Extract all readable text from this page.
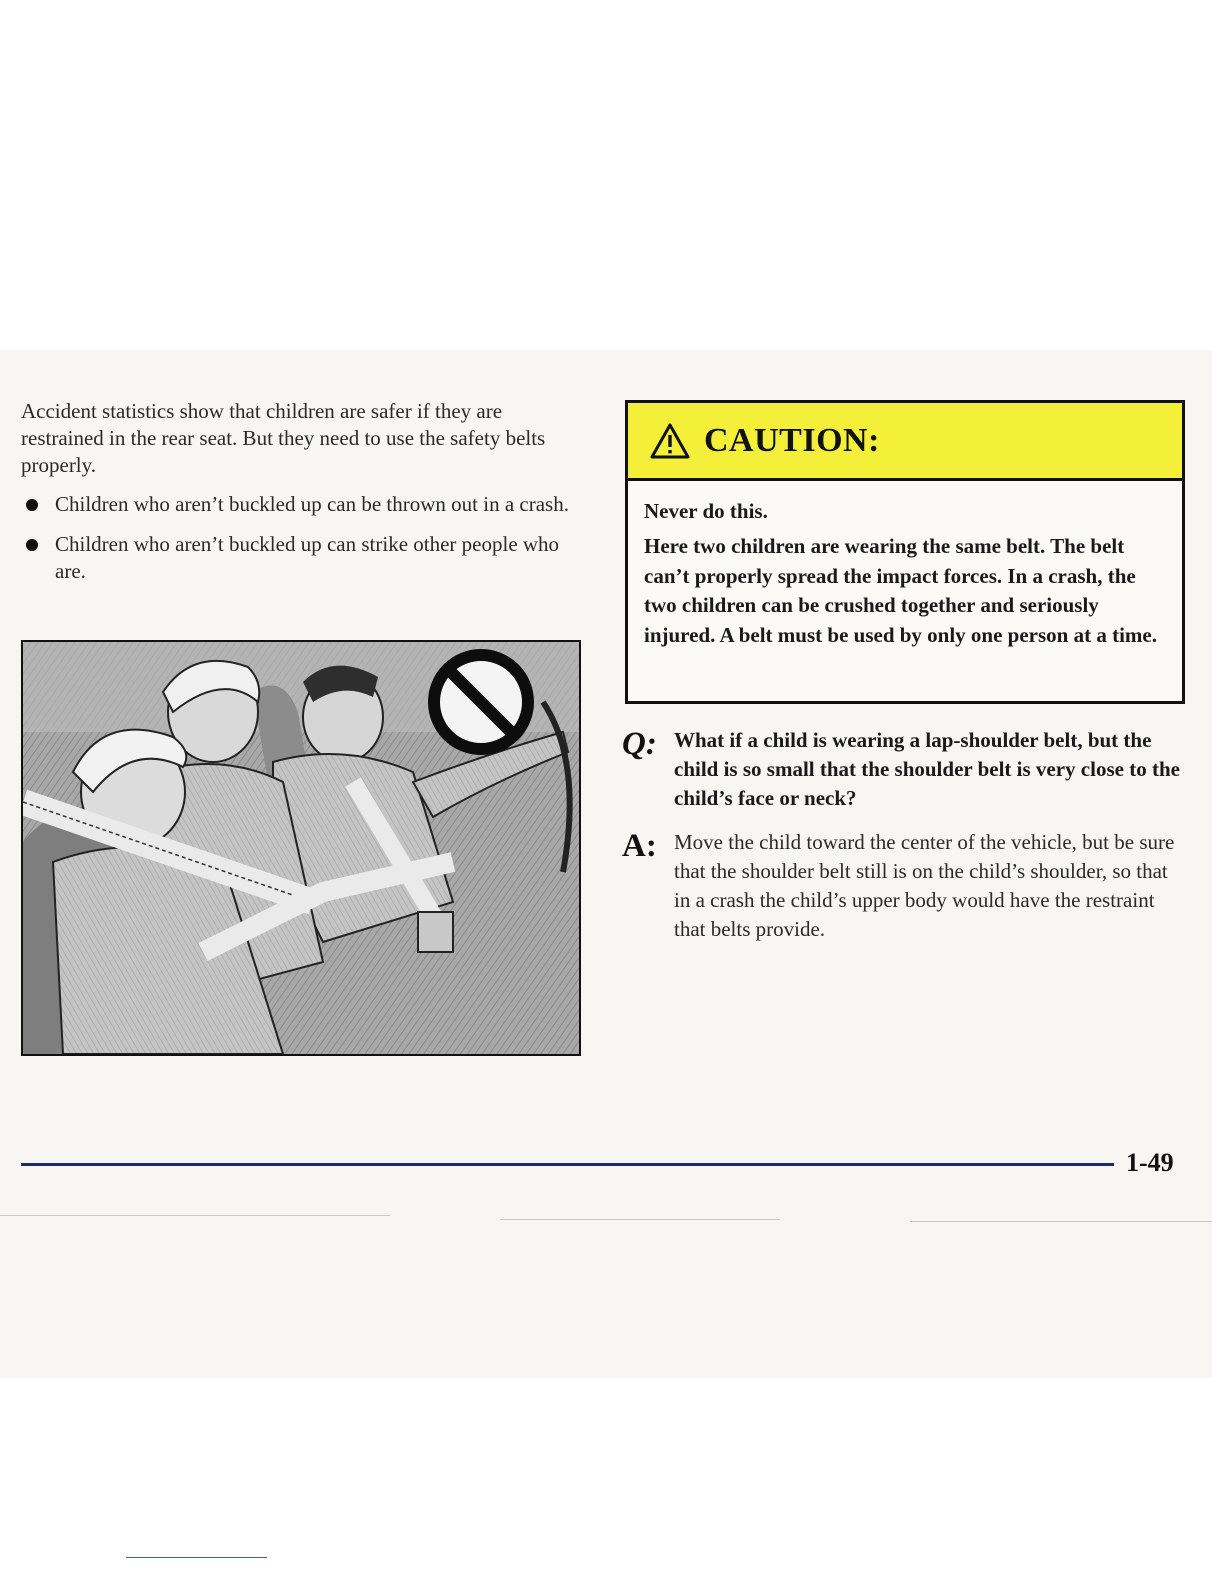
Accident statistics show that children are safer if they are restrained in the rear seat. But they need to use the safety belts properly.

Children who aren’t buckled up can be thrown out in a crash.
Children who aren’t buckled up can strike other people who are.
CAUTION:

Never do this.

Here two children are wearing the same belt. The belt can’t properly spread the impact forces. In a crash, the two children can be crushed together and seriously injured. A belt must be used by only one person at a time.

Q: What if a child is wearing a lap-shoulder belt, but the child is so small that the shoulder belt is very close to the child’s face or neck?
A: Move the child toward the center of the vehicle, but be sure that the shoulder belt still is on the child’s shoulder, so that in a crash the child’s upper body would have the restraint that belts provide.
1-49
